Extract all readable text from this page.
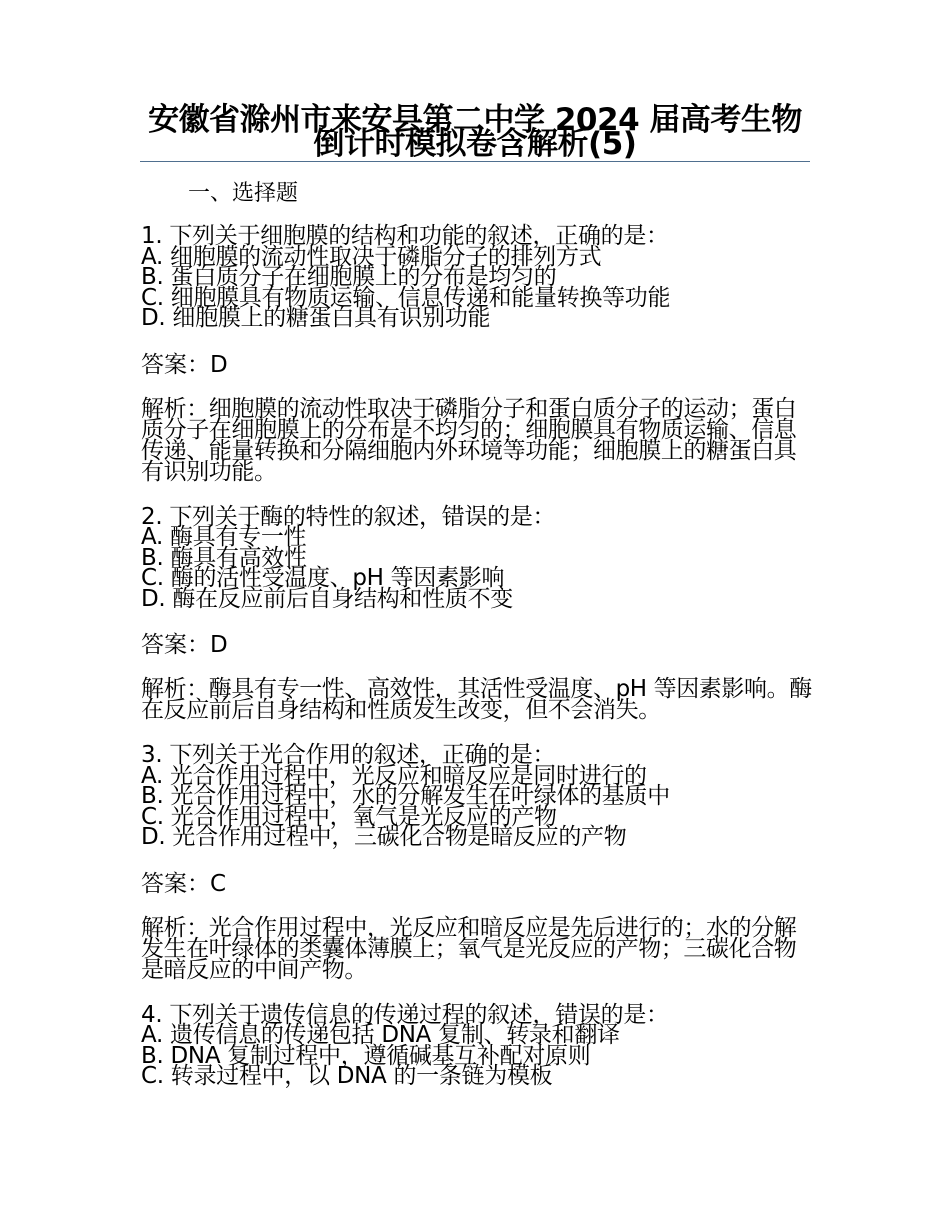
安徽省滁州市来安县第二中学 2024 届高考生物倒计时模拟卷含解析(5)

一、选择题

1. 下列关于细胞膜的结构和功能的叙述，正确的是：

A. 细胞膜的流动性取决于磷脂分子的排列方式

B. 蛋白质分子在细胞膜上的分布是均匀的

C. 细胞膜具有物质运输、信息传递和能量转换等功能

D. 细胞膜上的糖蛋白具有识别功能

答案：D

解析：细胞膜的流动性取决于磷脂分子和蛋白质分子的运动；蛋白质分子在细胞膜上的分布是不均匀的；细胞膜具有物质运输、信息传递、能量转换和分隔细胞内外环境等功能；细胞膜上的糖蛋白具有识别功能。

2. 下列关于酶的特性的叙述，错误的是：

A. 酶具有专一性

B. 酶具有高效性

C. 酶的活性受温度、pH 等因素影响

D. 酶在反应前后自身结构和性质不变

答案：D

解析：酶具有专一性、高效性，其活性受温度、pH 等因素影响。酶在反应前后自身结构和性质发生改变，但不会消失。

3. 下列关于光合作用的叙述，正确的是：

A. 光合作用过程中，光反应和暗反应是同时进行的

B. 光合作用过程中，水的分解发生在叶绿体的基质中

C. 光合作用过程中，氧气是光反应的产物

D. 光合作用过程中，三碳化合物是暗反应的产物

答案：C

解析：光合作用过程中，光反应和暗反应是先后进行的；水的分解发生在叶绿体的类囊体薄膜上；氧气是光反应的产物；三碳化合物是暗反应的中间产物。

4. 下列关于遗传信息的传递过程的叙述，错误的是：

A. 遗传信息的传递包括 DNA 复制、转录和翻译

B. DNA 复制过程中，遵循碱基互补配对原则

C. 转录过程中，以 DNA 的一条链为模板
